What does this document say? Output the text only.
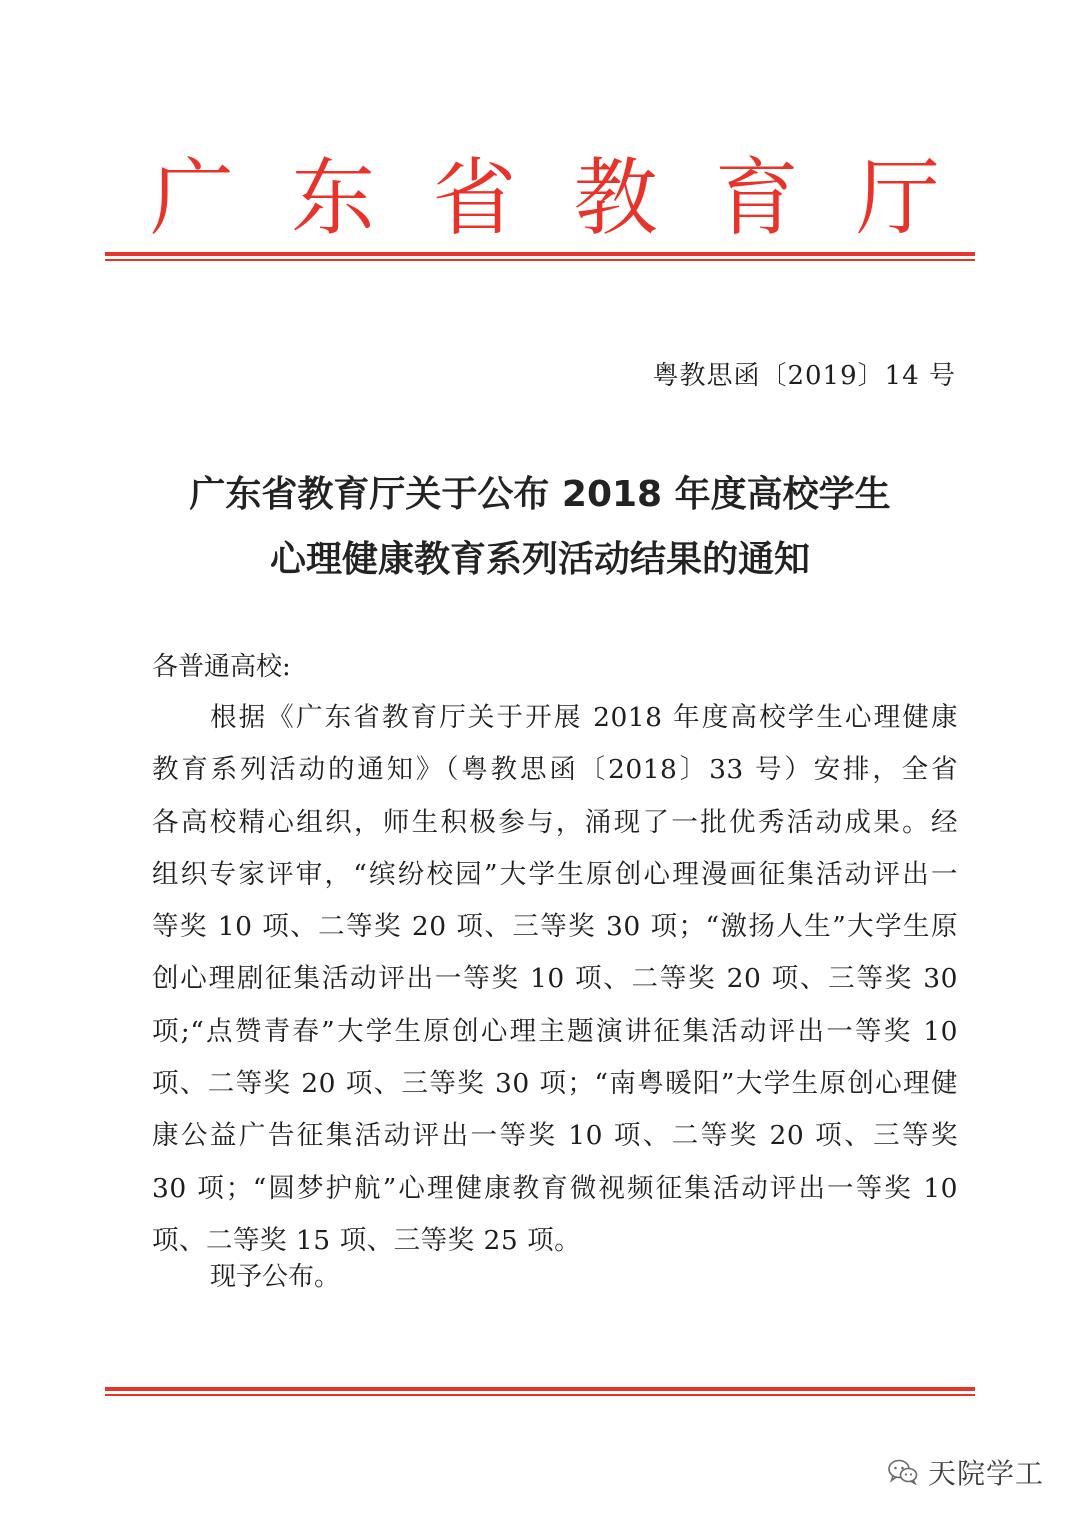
广 东 省 教 育 厅
粤教思函〔2019〕14 号
广东省教育厅关于公布 2018 年度高校学生
心理健康教育系列活动结果的通知
各普通高校:
根据《广东省教育厅关于开展 2018 年度高校学生心理健康
教育系列活动的通知》（粤教思函〔2018〕33 号）安排，全省
各高校精心组织，师生积极参与，涌现了一批优秀活动成果。经
组织专家评审，“缤纷校园”大学生原创心理漫画征集活动评出一
等奖 10 项、二等奖 20 项、三等奖 30 项；“激扬人生”大学生原
创心理剧征集活动评出一等奖 10 项、二等奖 20 项、三等奖 30
项;“点赞青春”大学生原创心理主题演讲征集活动评出一等奖 10
项、二等奖 20 项、三等奖 30 项；“南粤暖阳”大学生原创心理健
康公益广告征集活动评出一等奖 10 项、二等奖 20 项、三等奖
30 项；“圆梦护航”心理健康教育微视频征集活动评出一等奖 10
项、二等奖 15 项、三等奖 25 项。
现予公布。
天院学工
